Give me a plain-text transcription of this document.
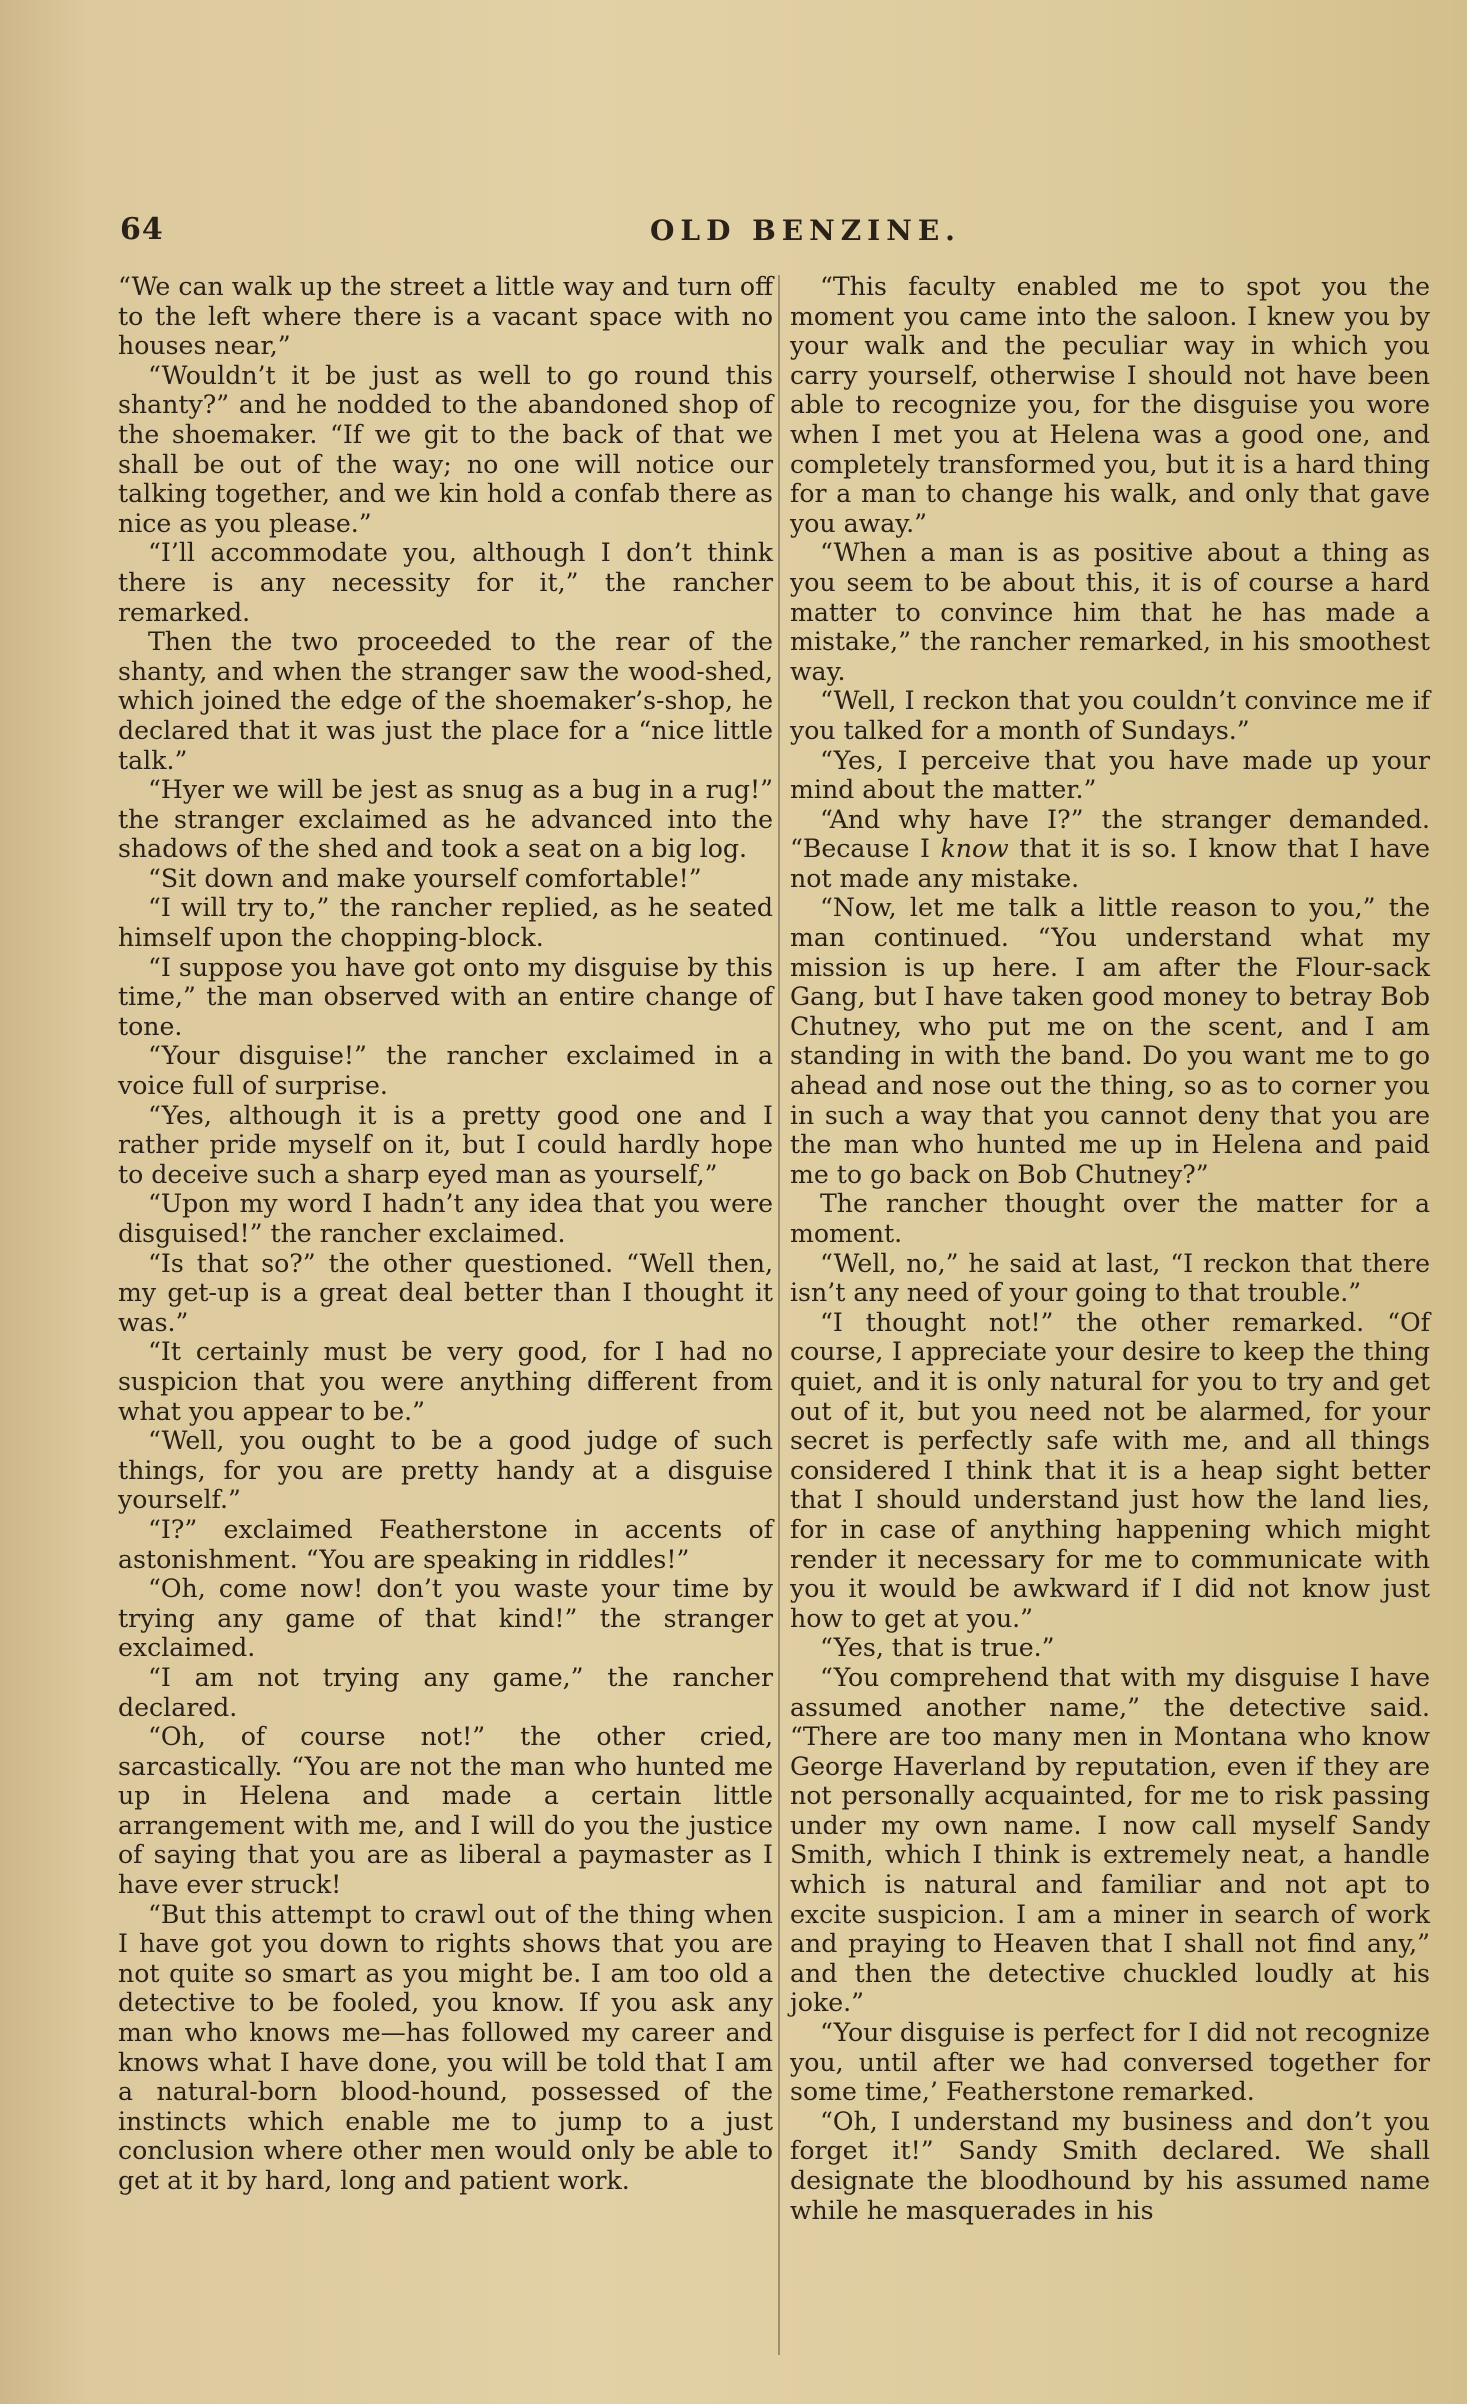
64	OLD BENZINE.

“We can walk up the street a little way and turn off to the left where there is a vacant space with no houses near,”

“Wouldn’t it be just as well to go round this shanty?” and he nodded to the abandoned shop of the shoemaker. “If we git to the back of that we shall be out of the way; no one will notice our talking together, and we kin hold a confab there as nice as you please.”

“I’ll accommodate you, although I don’t think there is any necessity for it,” the rancher remarked.

Then the two proceeded to the rear of the shanty, and when the stranger saw the wood-shed, which joined the edge of the shoemaker’s-shop, he declared that it was just the place for a “nice little talk.”

“Hyer we will be jest as snug as a bug in a rug!” the stranger exclaimed as he advanced into the shadows of the shed and took a seat on a big log.

“Sit down and make yourself comfortable!”

“I will try to,” the rancher replied, as he seated himself upon the chopping-block.

“I suppose you have got onto my disguise by this time,” the man observed with an entire change of tone.

“Your disguise!” the rancher exclaimed in a voice full of surprise.

“Yes, although it is a pretty good one and I rather pride myself on it, but I could hardly hope to deceive such a sharp eyed man as yourself,”

“Upon my word I hadn’t any idea that you were disguised!” the rancher exclaimed.

“Is that so?” the other questioned. “Well then, my get-up is a great deal better than I thought it was.”

“It certainly must be very good, for I had no suspicion that you were anything different from what you appear to be.”

“Well, you ought to be a good judge of such things, for you are pretty handy at a disguise yourself.”

“I?” exclaimed Featherstone in accents of astonishment. “You are speaking in riddles!”

“Oh, come now! don’t you waste your time by trying any game of that kind!” the stranger exclaimed.

“I am not trying any game,” the rancher declared.

“Oh, of course not!” the other cried, sarcastically. “You are not the man who hunted me up in Helena and made a certain little arrangement with me, and I will do you the justice of saying that you are as liberal a paymaster as I have ever struck!

“But this attempt to crawl out of the thing when I have got you down to rights shows that you are not quite so smart as you might be. I am too old a detective to be fooled, you know. If you ask any man who knows me—has followed my career and knows what I have done, you will be told that I am a natural-born blood-hound, possessed of the instincts which enable me to jump to a just conclusion where other men would only be able to get at it by hard, long and patient work.

“This faculty enabled me to spot you the moment you came into the saloon. I knew you by your walk and the peculiar way in which you carry yourself, otherwise I should not have been able to recognize you, for the disguise you wore when I met you at Helena was a good one, and completely transformed you, but it is a hard thing for a man to change his walk, and only that gave you away.”

“When a man is as positive about a thing as you seem to be about this, it is of course a hard matter to convince him that he has made a mistake,” the rancher remarked, in his smoothest way.

“Well, I reckon that you couldn’t convince me if you talked for a month of Sundays.”

“Yes, I perceive that you have made up your mind about the matter.”

“And why have I?” the stranger demanded. “Because I know that it is so. I know that I have not made any mistake.

“Now, let me talk a little reason to you,” the man continued. “You understand what my mission is up here. I am after the Flour-sack Gang, but I have taken good money to betray Bob Chutney, who put me on the scent, and I am standing in with the band. Do you want me to go ahead and nose out the thing, so as to corner you in such a way that you cannot deny that you are the man who hunted me up in Helena and paid me to go back on Bob Chutney?”

The rancher thought over the matter for a moment.

“Well, no,” he said at last, “I reckon that there isn’t any need of your going to that trouble.”

“I thought not!” the other remarked. “Of course, I appreciate your desire to keep the thing quiet, and it is only natural for you to try and get out of it, but you need not be alarmed, for your secret is perfectly safe with me, and all things considered I think that it is a heap sight better that I should understand just how the land lies, for in case of anything happening which might render it necessary for me to communicate with you it would be awkward if I did not know just how to get at you.”

“Yes, that is true.”

“You comprehend that with my disguise I have assumed another name,” the detective said. “There are too many men in Montana who know George Haverland by reputation, even if they are not personally acquainted, for me to risk passing under my own name. I now call myself Sandy Smith, which I think is extremely neat, a handle which is natural and familiar and not apt to excite suspicion. I am a miner in search of work and praying to Heaven that I shall not find any,” and then the detective chuckled loudly at his joke.”

“Your disguise is perfect for I did not recognize you, until after we had conversed together for some time,’ Featherstone remarked.

“Oh, I understand my business and don’t you forget it!” Sandy Smith declared. We shall designate the bloodhound by his assumed name while he masquerades in his
